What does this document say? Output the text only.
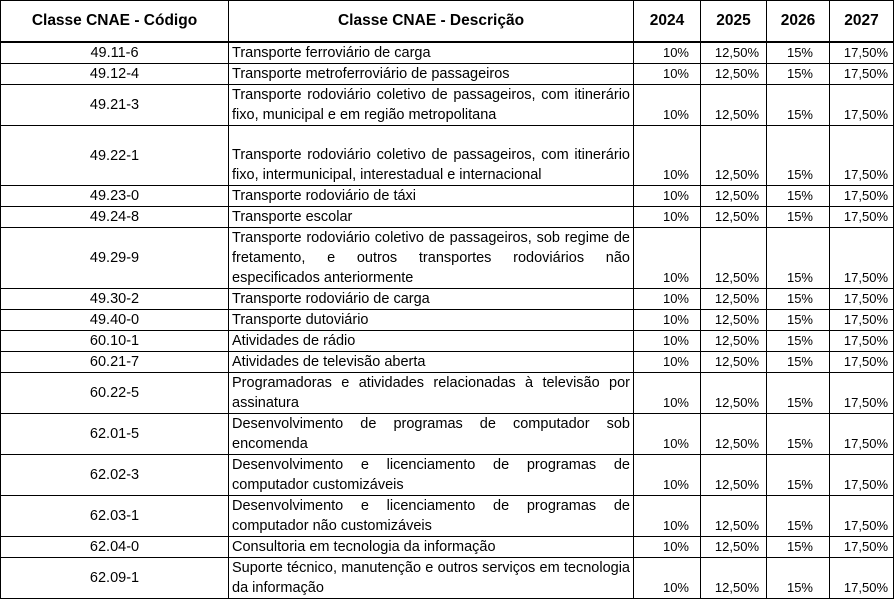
Classe CNAE - Código	Classe CNAE - Descrição	2024	2025	2026	2027
49.11-6	Transporte ferroviário de carga	10%	12,50%	15%	17,50%
49.12-4	Transporte metroferroviário de passageiros	10%	12,50%	15%	17,50%
49.21-3	Transporte rodoviário coletivo de passageiros, com itinerário fixo, municipal e em região metropolitana	10%	12,50%	15%	17,50%
49.22-1	Transporte rodoviário coletivo de passageiros, com itinerário fixo, intermunicipal, interestadual e internacional	10%	12,50%	15%	17,50%
49.23-0	Transporte rodoviário de táxi	10%	12,50%	15%	17,50%
49.24-8	Transporte escolar	10%	12,50%	15%	17,50%
49.29-9	Transporte rodoviário coletivo de passageiros, sob regime de fretamento, e outros transportes rodoviários não especificados anteriormente	10%	12,50%	15%	17,50%
49.30-2	Transporte rodoviário de carga	10%	12,50%	15%	17,50%
49.40-0	Transporte dutoviário	10%	12,50%	15%	17,50%
60.10-1	Atividades de rádio	10%	12,50%	15%	17,50%
60.21-7	Atividades de televisão aberta	10%	12,50%	15%	17,50%
60.22-5	Programadoras e atividades relacionadas à televisão por assinatura	10%	12,50%	15%	17,50%
62.01-5	Desenvolvimento de programas de computador sob encomenda	10%	12,50%	15%	17,50%
62.02-3	Desenvolvimento e licenciamento de programas de computador customizáveis	10%	12,50%	15%	17,50%
62.03-1	Desenvolvimento e licenciamento de programas de computador não customizáveis	10%	12,50%	15%	17,50%
62.04-0	Consultoria em tecnologia da informação	10%	12,50%	15%	17,50%
62.09-1	Suporte técnico, manutenção e outros serviços em tecnologia da informação	10%	12,50%	15%	17,50%
